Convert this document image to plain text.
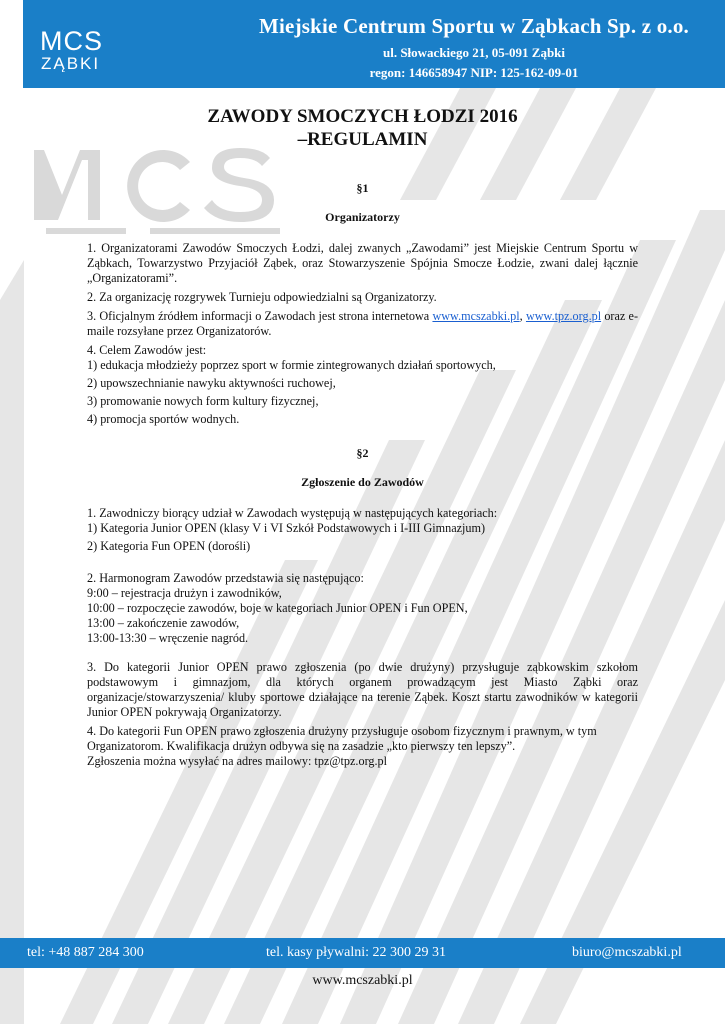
MCS
ZĄBKI
Miejskie Centrum Sportu w Ząbkach Sp. z o.o.
ul. Słowackiego 21, 05-091 Ząbki
regon: 146658947 NIP: 125-162-09-01
ZAWODY SMOCZYCH ŁODZI 2016
–REGULAMIN
§1
Organizatorzy

1. Organizatorami Zawodów Smoczych Łodzi, dalej zwanych „Zawodami” jest Miejskie Centrum Sportu w Ząbkach, Towarzystwo Przyjaciół Ząbek, oraz Stowarzyszenie Spójnia Smocze Łodzie, zwani dalej łącznie „Organizatorami”.

2. Za organizację rozgrywek Turnieju odpowiedzialni są Organizatorzy.

3. Oficjalnym źródłem informacji o Zawodach jest strona internetowa www.mcszabki.pl, www.tpz.org.pl oraz e-maile rozsyłane przez Organizatorów.

4. Celem Zawodów jest:

1) edukacja młodzieży poprzez sport w formie zintegrowanych działań sportowych,

2) upowszechnianie nawyku aktywności ruchowej,

3) promowanie nowych form kultury fizycznej,

4) promocja sportów wodnych.

§2
Zgłoszenie do Zawodów

1. Zawodniczy biorący udział w Zawodach występują w następujących kategoriach:

1) Kategoria Junior OPEN (klasy V i VI Szkół Podstawowych i I-III Gimnazjum)

2) Kategoria Fun OPEN (dorośli)

2. Harmonogram Zawodów przedstawia się następująco:

9:00 – rejestracja drużyn i zawodników,

10:00 – rozpoczęcie zawodów, boje w kategoriach Junior OPEN i Fun OPEN,

13:00 – zakończenie zawodów,

13:00-13:30 – wręczenie nagród.

3. Do kategorii Junior OPEN prawo zgłoszenia (po dwie drużyny) przysługuje ząbkowskim szkołom podstawowym i gimnazjom, dla których organem prowadzącym jest Miasto Ząbki oraz organizacje/stowarzyszenia/ kluby sportowe działające na terenie Ząbek. Koszt startu zawodników w kategorii Junior OPEN pokrywają Organizatorzy.

4. Do kategorii Fun OPEN prawo zgłoszenia drużyny przysługuje osobom fizycznym i prawnym, w tym Organizatorom. Kwalifikacja drużyn odbywa się na zasadzie „kto pierwszy ten lepszy”.

Zgłoszenia można wysyłać na adres mailowy: tpz@tpz.org.pl

tel: +48 887 284 300	tel. kasy pływalni: 22 300 29 31	biuro@mcszabki.pl
www.mcszabki.pl
